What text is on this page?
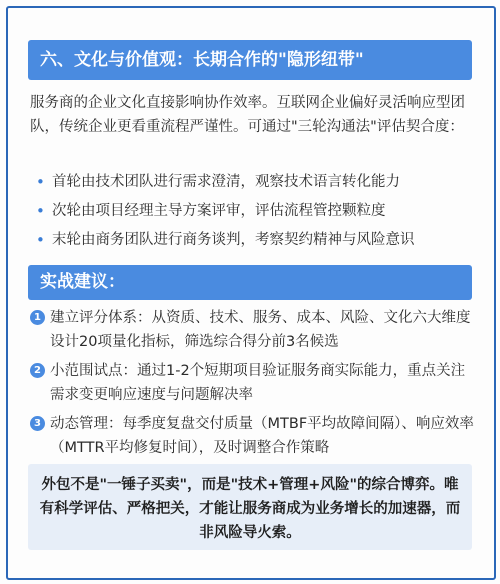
六、文化与价值观：长期合作的"隐形纽带"

服务商的企业文化直接影响协作效率。互联网企业偏好灵活响应型团队，传统企业更看重流程严谨性。可通过"三轮沟通法"评估契合度：

• 首轮由技术团队进行需求澄清，观察技术语言转化能力
• 次轮由项目经理主导方案评审，评估流程管控颗粒度
• 末轮由商务团队进行商务谈判，考察契约精神与风险意识
实战建议：
1 建立评分体系：从资质、技术、服务、成本、风险、文化六大维度设计20项量化指标，筛选综合得分前3名候选
2 小范围试点：通过1-2个短期项目验证服务商实际能力，重点关注需求变更响应速度与问题解决率
3 动态管理：每季度复盘交付质量（MTBF平均故障间隔）、响应效率（MTTR平均修复时间），及时调整合作策略
外包不是"一锤子买卖"，而是"技术+管理+风险"的综合博弈。唯有科学评估、严格把关，才能让服务商成为业务增长的加速器，而非风险导火索。
